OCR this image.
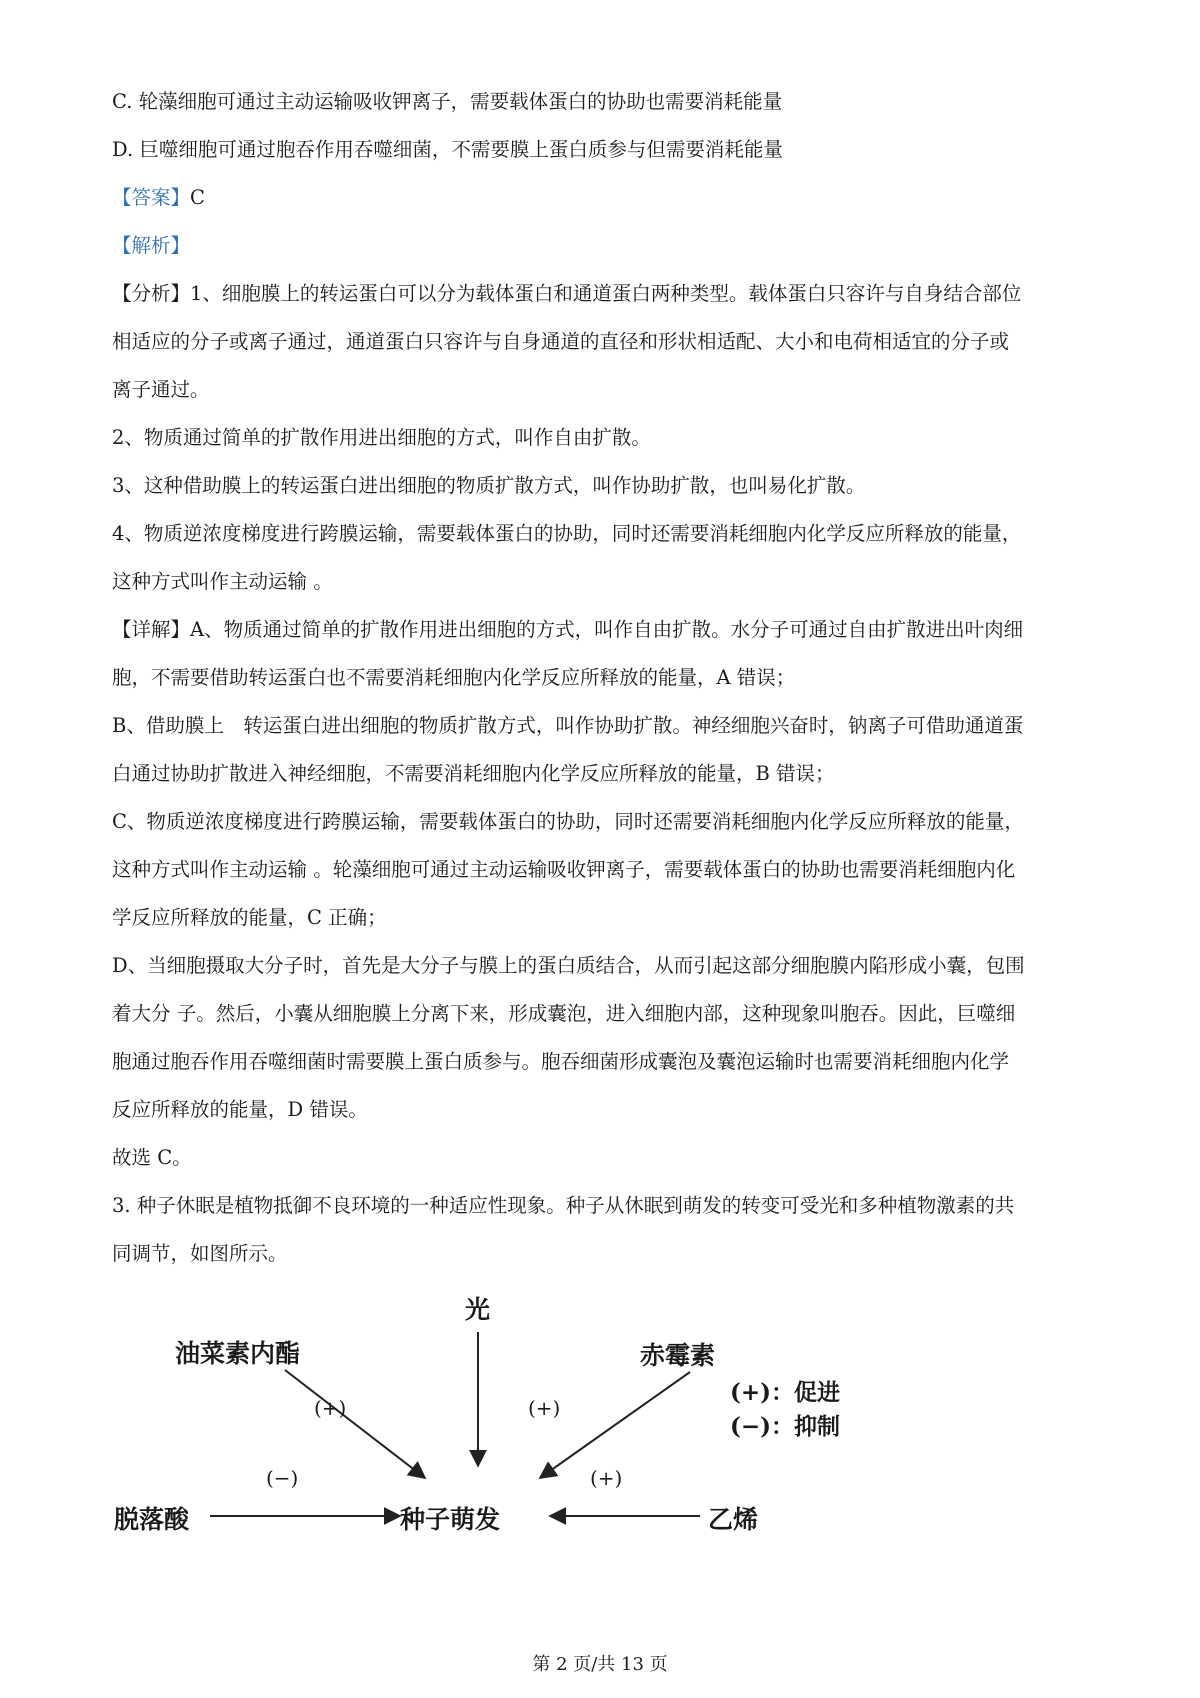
C. 轮藻细胞可通过主动运输吸收钾离子，需要载体蛋白的协助也需要消耗能量
D. 巨噬细胞可通过胞吞作用吞噬细菌，不需要膜上蛋白质参与但需要消耗能量
【答案】C
【解析】
【分析】1、细胞膜上的转运蛋白可以分为载体蛋白和通道蛋白两种类型。载体蛋白只容许与自身结合部位
相适应的分子或离子通过，通道蛋白只容许与自身通道的直径和形状相适配、大小和电荷相适宜的分子或
离子通过。
2、物质通过简单的扩散作用进出细胞的方式，叫作自由扩散。
3、这种借助膜上的转运蛋白进出细胞的物质扩散方式，叫作协助扩散，也叫易化扩散。
4、物质逆浓度梯度进行跨膜运输，需要载体蛋白的协助，同时还需要消耗细胞内化学反应所释放的能量，
这种方式叫作主动运输 。
【详解】A、物质通过简单的扩散作用进出细胞的方式，叫作自由扩散。水分子可通过自由扩散进出叶肉细
胞，不需要借助转运蛋白也不需要消耗细胞内化学反应所释放的能量，A 错误；
B、借助膜上　转运蛋白进出细胞的物质扩散方式，叫作协助扩散。神经细胞兴奋时，钠离子可借助通道蛋
白通过协助扩散进入神经细胞，不需要消耗细胞内化学反应所释放的能量，B 错误；
C、物质逆浓度梯度进行跨膜运输，需要载体蛋白的协助，同时还需要消耗细胞内化学反应所释放的能量，
这种方式叫作主动运输 。轮藻细胞可通过主动运输吸收钾离子，需要载体蛋白的协助也需要消耗细胞内化
学反应所释放的能量，C 正确；
D、当细胞摄取大分子时，首先是大分子与膜上的蛋白质结合，从而引起这部分细胞膜内陷形成小囊，包围
着大分 子。然后，小囊从细胞膜上分离下来，形成囊泡，进入细胞内部，这种现象叫胞吞。因此，巨噬细
胞通过胞吞作用吞噬细菌时需要膜上蛋白质参与。胞吞细菌形成囊泡及囊泡运输时也需要消耗细胞内化学
反应所释放的能量，D 错误。
故选 C。
3. 种子休眠是植物抵御不良环境的一种适应性现象。种子从休眠到萌发的转变可受光和多种植物激素的共
同调节，如图所示。
光
油菜素内酯	赤霉素
脱落酸	种子萌发	乙烯
(+)	(+)
(−)	(+)
(+)：促进
(−)：抑制
第 2 页/共 13 页
